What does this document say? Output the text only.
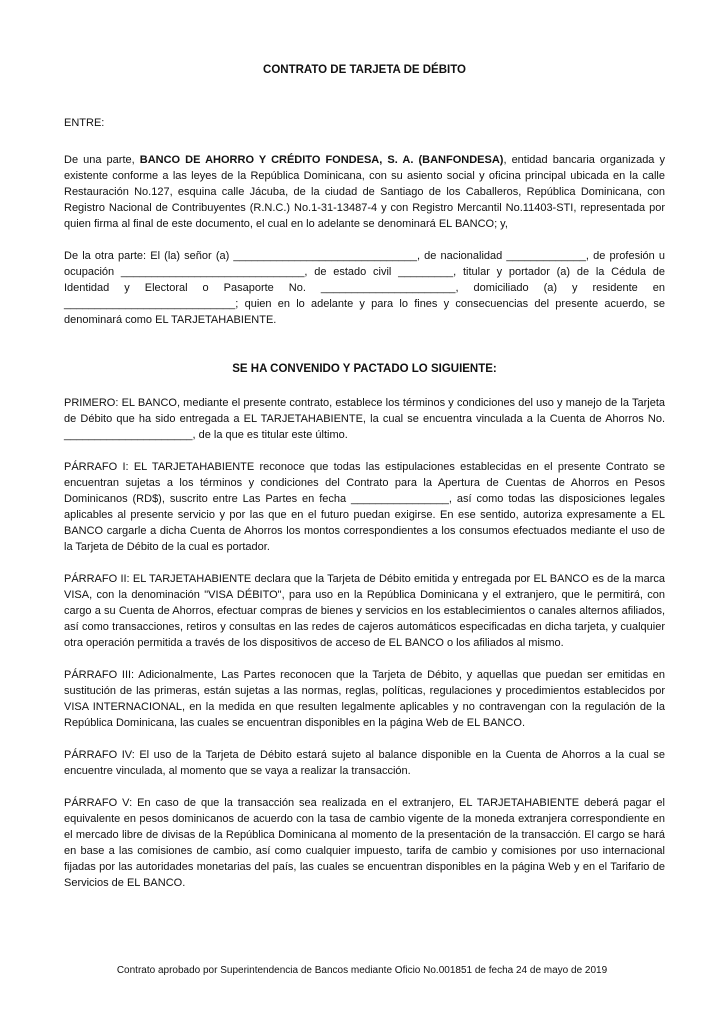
CONTRATO DE TARJETA DE DÉBITO
ENTRE:

De una parte, BANCO DE AHORRO Y CRÉDITO FONDESA, S. A. (BANFONDESA), entidad bancaria organizada y existente conforme a las leyes de la República Dominicana, con su asiento social y oficina principal ubicada en la calle Restauración No.127, esquina calle Jácuba, de la ciudad de Santiago de los Caballeros, República Dominicana, con Registro Nacional de Contribuyentes (R.N.C.) No.1-31-13487-4 y con Registro Mercantil No.11403-STI, representada por quien firma al final de este documento, el cual en lo adelante se denominará EL BANCO; y,

De la otra parte: El (la) señor (a) ______________________________, de nacionalidad _____________, de profesión u ocupación ______________________________, de estado civil _________, titular y portador (a) de la Cédula de Identidad y Electoral o Pasaporte No. ______________________, domiciliado (a) y residente en ____________________________; quien en lo adelante y para lo fines y consecuencias del presente acuerdo, se denominará como EL TARJETAHABIENTE.

SE HA CONVENIDO Y PACTADO LO SIGUIENTE:

PRIMERO: EL BANCO, mediante el presente contrato, establece los términos y condiciones del uso y manejo de la Tarjeta de Débito que ha sido entregada a EL TARJETAHABIENTE, la cual se encuentra vinculada a la Cuenta de Ahorros No. _____________________, de la que es titular este último.

PÁRRAFO I: EL TARJETAHABIENTE reconoce que todas las estipulaciones establecidas en el presente Contrato se encuentran sujetas a los términos y condiciones del Contrato para la Apertura de Cuentas de Ahorros en Pesos Dominicanos (RD$), suscrito entre Las Partes en fecha ________________, así como todas las disposiciones legales aplicables al presente servicio y por las que en el futuro puedan exigirse. En ese sentido, autoriza expresamente a EL BANCO cargarle a dicha Cuenta de Ahorros los montos correspondientes a los consumos efectuados mediante el uso de la Tarjeta de Débito de la cual es portador.

PÁRRAFO II: EL TARJETAHABIENTE declara que la Tarjeta de Débito emitida y entregada por EL BANCO es de la marca VISA, con la denominación "VISA DÉBITO", para uso en la República Dominicana y el extranjero, que le permitirá, con cargo a su Cuenta de Ahorros, efectuar compras de bienes y servicios en los establecimientos o canales alternos afiliados, así como transacciones, retiros y consultas en las redes de cajeros automáticos especificadas en dicha tarjeta, y cualquier otra operación permitida a través de los dispositivos de acceso de EL BANCO o los afiliados al mismo.

PÁRRAFO III: Adicionalmente, Las Partes reconocen que la Tarjeta de Débito, y aquellas que puedan ser emitidas en sustitución de las primeras, están sujetas a las normas, reglas, políticas, regulaciones y procedimientos establecidos por VISA INTERNACIONAL, en la medida en que resulten legalmente aplicables y no contravengan con la regulación de la República Dominicana, las cuales se encuentran disponibles en la página Web de EL BANCO.

PÁRRAFO IV: El uso de la Tarjeta de Débito estará sujeto al balance disponible en la Cuenta de Ahorros a la cual se encuentre vinculada, al momento que se vaya a realizar la transacción.

PÁRRAFO V: En caso de que la transacción sea realizada en el extranjero, EL TARJETAHABIENTE deberá pagar el equivalente en pesos dominicanos de acuerdo con la tasa de cambio vigente de la moneda extranjera correspondiente en el mercado libre de divisas de la República Dominicana al momento de la presentación de la transacción. El cargo se hará en base a las comisiones de cambio, así como cualquier impuesto, tarifa de cambio y comisiones por uso internacional fijadas por las autoridades monetarias del país, las cuales se encuentran disponibles en la página Web y en el Tarifario de Servicios de EL BANCO.

Contrato aprobado por Superintendencia de Bancos mediante Oficio No.001851 de fecha 24 de mayo de 2019
